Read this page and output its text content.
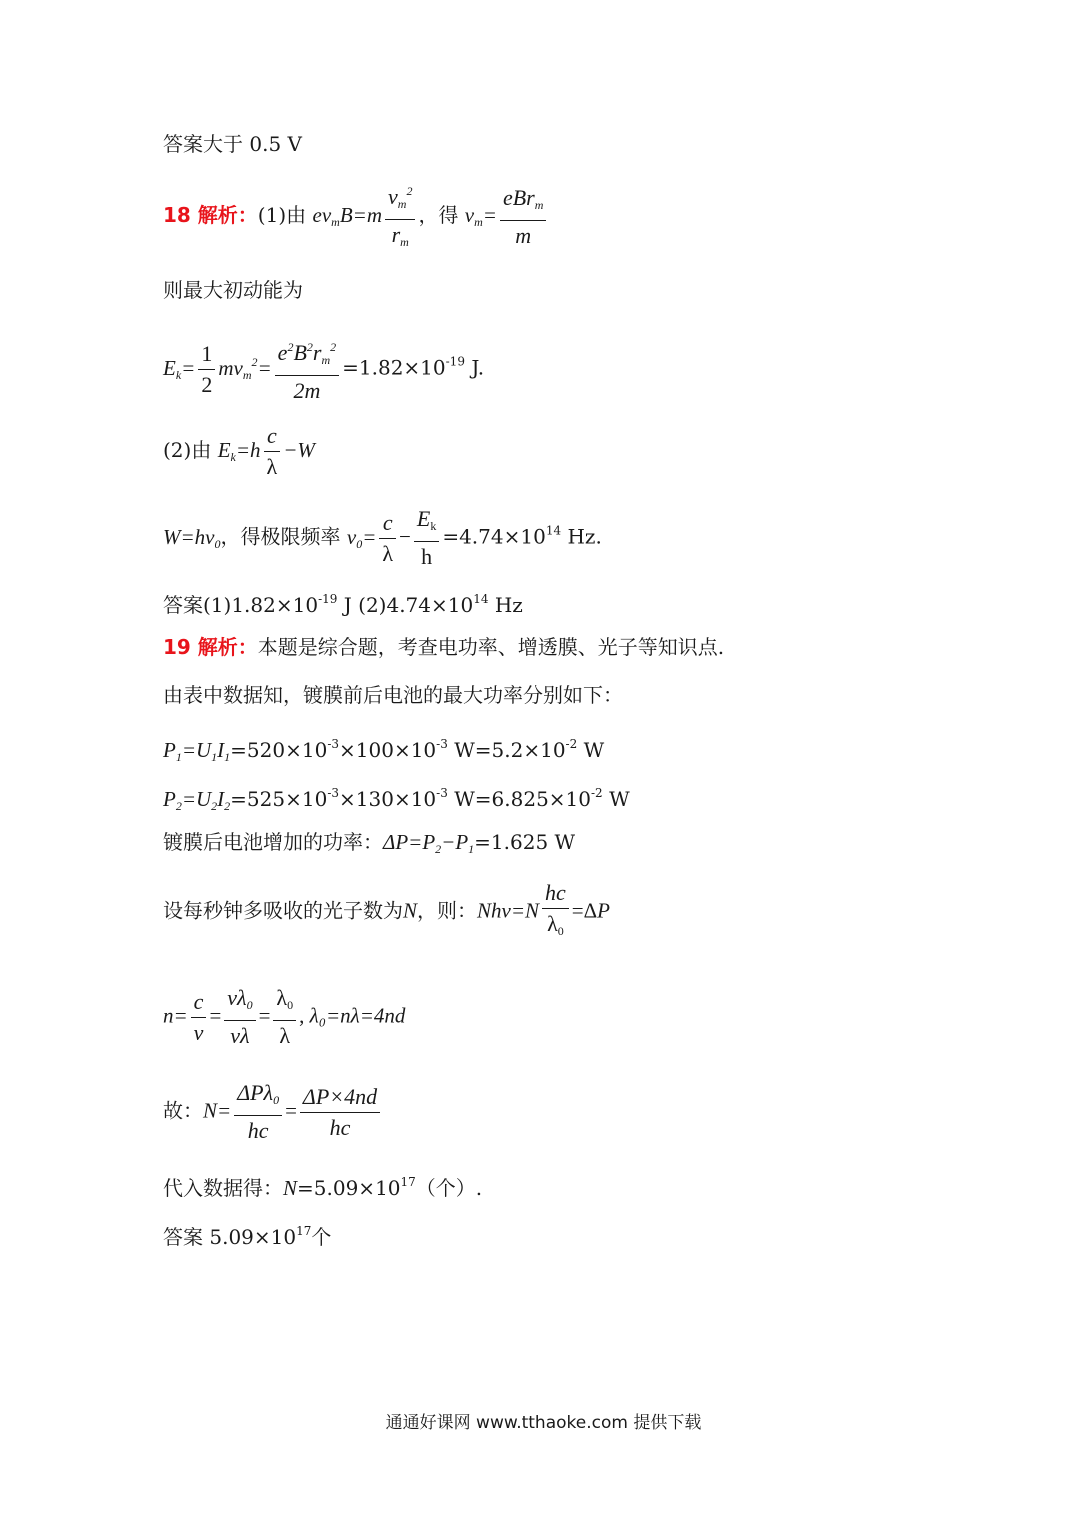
答案大于 0.5 V
18 解析：(1)由 $ev_mB=m \frac{v_m^2}{r_m}$ ，得 $v_m= \frac{eBr_m}{m}$
则最大初动能为
$E_k= \frac{1}{2} mv_m^2= \frac{e^2B^2r_m^2}{2m} =1.82\times 10^{-19}$ J.
(2)由 $E_k=h \frac{c}{\lambda} -W$
$W=hv_0$，得极限频率 $v_0= \frac{c}{\lambda} - \frac{E_k}{h} =4.74\times 10^{14}$ Hz.
答案$(1)1.82\times 10^{-19}$ J $(2)4.74\times 10^{14}$ Hz
19 解析：本题是综合题，考查电功率、增透膜、光子等知识点.
由表中数据知，镀膜前后电池的最大功率分别如下：
$P_1=U_1I_1=520\times 10^{-3}\times 100\times 10^{-3}$ $W=5.2\times 10^{-2}$ W
$P_2=U_2I_2=525\times 10^{-3}\times 130\times 10^{-3}$ $W=6.825\times 10^{-2}$ W
镀膜后电池增加的功率：$\Delta P=P_2-P_1=1.625$ W
设每秒钟多吸收的光子数为N，则：$Nhv=N \frac{hc}{\lambda_0} =\Delta P$
$n= \frac{c}{v} = \frac{v\lambda_0}{v\lambda} = \frac{\lambda_0}{\lambda}$ , λ₀=nλ=4nd
故：$N= \frac{\Delta P\lambda_0}{hc} = \frac{\Delta P\times 4nd}{hc}$
代入数据得：$N=5.09\times 10^{17}$（个）.
答案 $5.09\times 10^{17}$个
通通好课网 www.tthaoke.com 提供下载
